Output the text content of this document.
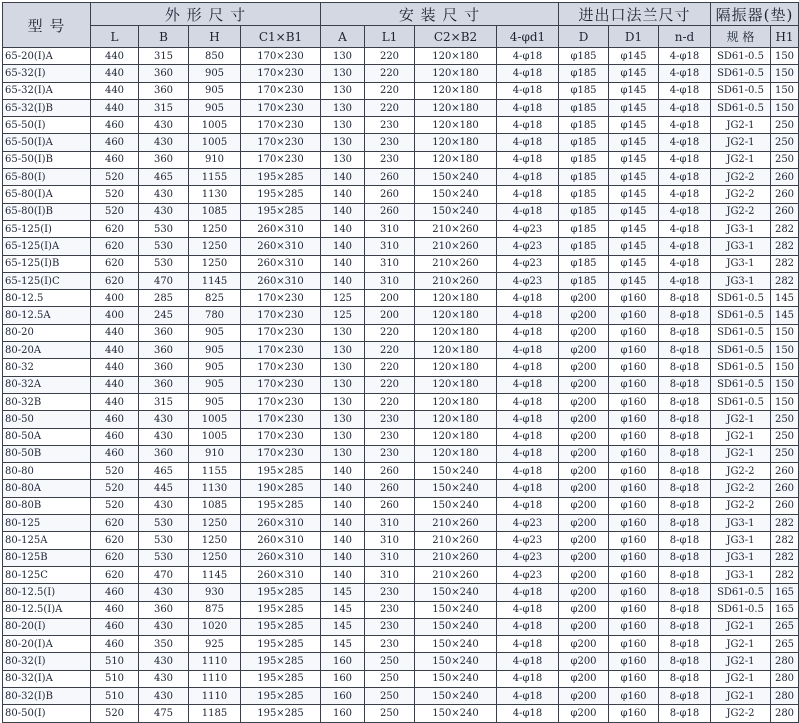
型 号	外 形 尺 寸				安 装 尺 寸				进出口法兰尺寸			隔振器(垫)	
	L	B	H	C1×B1	A	L1	C2×B2	4-φd1	D	D1	n-d	规 格	H1
65-20(I)A	440	315	850	170×230	130	220	120×180	4-φ18	φ185	φ145	4-φ18	SD61-0.5	150
65-32(I)	440	360	905	170×230	130	220	120×180	4-φ18	φ185	φ145	4-φ18	SD61-0.5	150
65-32(I)A	440	360	905	170×230	130	220	120×180	4-φ18	φ185	φ145	4-φ18	SD61-0.5	150
65-32(I)B	440	315	905	170×230	130	220	120×180	4-φ18	φ185	φ145	4-φ18	SD61-0.5	150
65-50(I)	460	430	1005	170×230	130	230	120×180	4-φ18	φ185	φ145	4-φ18	JG2-1	250
65-50(I)A	460	430	1005	170×230	130	230	120×180	4-φ18	φ185	φ145	4-φ18	JG2-1	250
65-50(I)B	460	360	910	170×230	130	230	120×180	4-φ18	φ185	φ145	4-φ18	JG2-1	250
65-80(I)	520	465	1155	195×285	140	260	150×240	4-φ18	φ185	φ145	4-φ18	JG2-2	260
65-80(I)A	520	430	1130	195×285	140	260	150×240	4-φ18	φ185	φ145	4-φ18	JG2-2	260
65-80(I)B	520	430	1085	195×285	140	260	150×240	4-φ18	φ185	φ145	4-φ18	JG2-2	260
65-125(I)	620	530	1250	260×310	140	310	210×260	4-φ23	φ185	φ145	4-φ18	JG3-1	282
65-125(I)A	620	530	1250	260×310	140	310	210×260	4-φ23	φ185	φ145	4-φ18	JG3-1	282
65-125(I)B	620	530	1250	260×310	140	310	210×260	4-φ23	φ185	φ145	4-φ18	JG3-1	282
65-125(I)C	620	470	1145	260×310	140	310	210×260	4-φ23	φ185	φ145	4-φ18	JG3-1	282
80-12.5	400	285	825	170×230	125	200	120×180	4-φ18	φ200	φ160	8-φ18	SD61-0.5	145
80-12.5A	400	245	780	170×230	125	200	120×180	4-φ18	φ200	φ160	8-φ18	SD61-0.5	145
80-20	440	360	905	170×230	130	220	120×180	4-φ18	φ200	φ160	8-φ18	SD61-0.5	150
80-20A	440	360	905	170×230	130	220	120×180	4-φ18	φ200	φ160	8-φ18	SD61-0.5	150
80-32	440	360	905	170×230	130	220	120×180	4-φ18	φ200	φ160	8-φ18	SD61-0.5	150
80-32A	440	360	905	170×230	130	220	120×180	4-φ18	φ200	φ160	8-φ18	SD61-0.5	150
80-32B	440	315	905	170×230	130	220	120×180	4-φ18	φ200	φ160	8-φ18	SD61-0.5	150
80-50	460	430	1005	170×230	130	230	120×180	4-φ18	φ200	φ160	8-φ18	JG2-1	250
80-50A	460	430	1005	170×230	130	230	120×180	4-φ18	φ200	φ160	8-φ18	JG2-1	250
80-50B	460	360	910	170×230	130	230	120×180	4-φ18	φ200	φ160	8-φ18	JG2-1	250
80-80	520	465	1155	195×285	140	260	150×240	4-φ18	φ200	φ160	8-φ18	JG2-2	260
80-80A	520	445	1130	190×285	140	260	150×240	4-φ18	φ200	φ160	8-φ18	JG2-2	260
80-80B	520	430	1085	195×285	140	260	150×240	4-φ18	φ200	φ160	8-φ18	JG2-2	260
80-125	620	530	1250	260×310	140	310	210×260	4-φ23	φ200	φ160	8-φ18	JG3-1	282
80-125A	620	530	1250	260×310	140	310	210×260	4-φ23	φ200	φ160	8-φ18	JG3-1	282
80-125B	620	530	1250	260×310	140	310	210×260	4-φ23	φ200	φ160	8-φ18	JG3-1	282
80-125C	620	470	1145	260×310	140	310	210×260	4-φ23	φ200	φ160	8-φ18	JG3-1	282
80-12.5(I)	460	430	930	195×285	145	230	150×240	4-φ18	φ200	φ160	8-φ18	SD61-0.5	165
80-12.5(I)A	460	360	875	195×285	145	230	150×240	4-φ18	φ200	φ160	8-φ18	SD61-0.5	165
80-20(I)	460	430	1020	195×285	145	230	150×240	4-φ18	φ200	φ160	8-φ18	JG2-1	265
80-20(I)A	460	350	925	195×285	145	230	150×240	4-φ18	φ200	φ160	8-φ18	JG2-1	265
80-32(I)	510	430	1110	195×285	160	250	150×240	4-φ18	φ200	φ160	8-φ18	JG2-1	280
80-32(I)A	510	430	1110	195×285	160	250	150×240	4-φ18	φ200	φ160	8-φ18	JG2-1	280
80-32(I)B	510	430	1110	195×285	160	250	150×240	4-φ18	φ200	φ160	8-φ18	JG2-1	280
80-50(I)	520	475	1185	195×285	160	250	150×240	4-φ18	φ200	φ160	8-φ18	JG2-2	280
